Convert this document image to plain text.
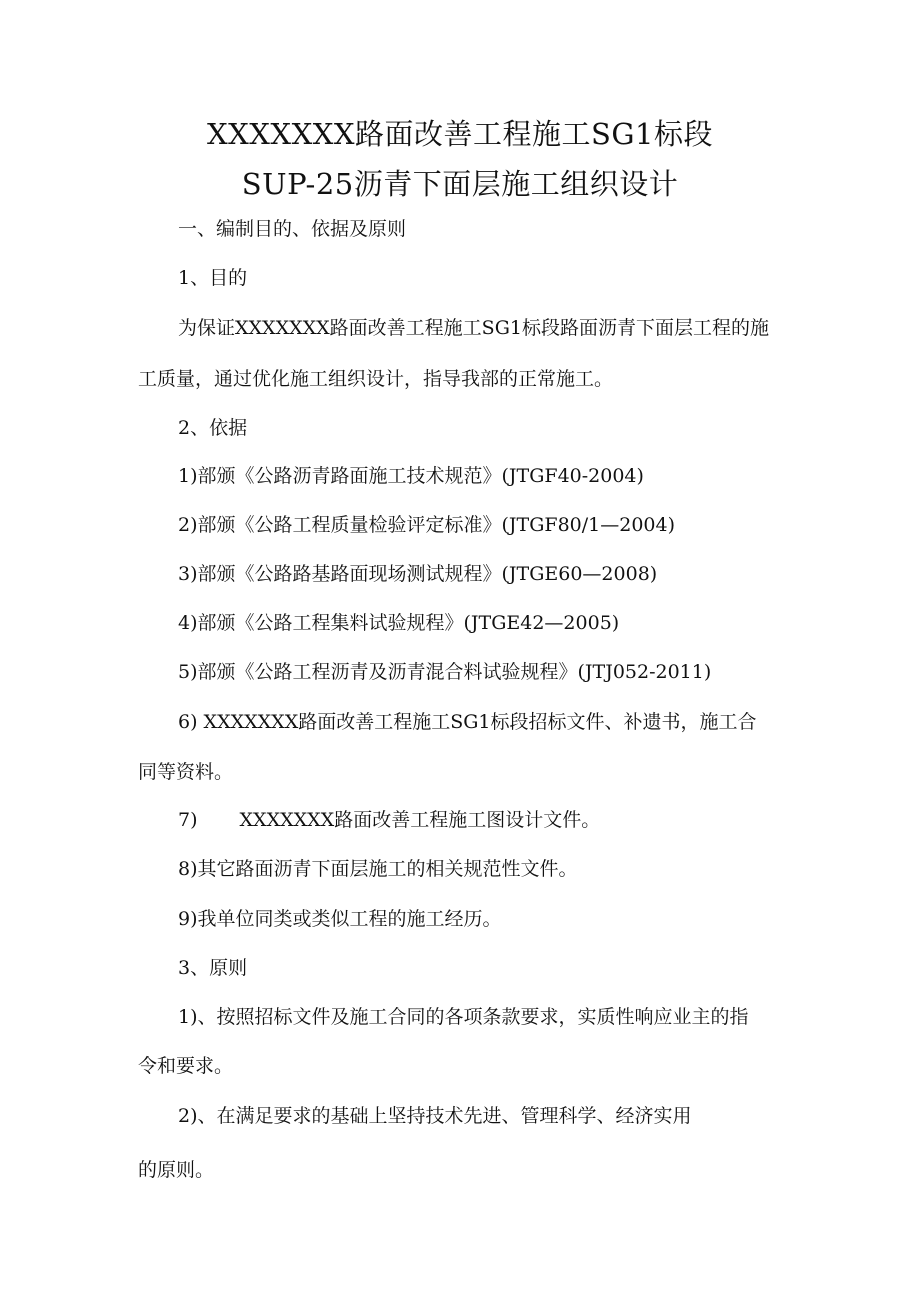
XXXXXXX路面改善工程施工SG1标段
SUP-25沥青下面层施工组织设计
一、编制目的、依据及原则
1、目的
为保证XXXXXXX路面改善工程施工SG1标段路面沥青下面层工程的施
工质量，通过优化施工组织设计，指导我部的正常施工。
2、依据
1)部颁《公路沥青路面施工技术规范》(JTGF40-2004)
2)部颁《公路工程质量检验评定标准》(JTGF80/1—2004)
3)部颁《公路路基路面现场测试规程》(JTGE60—2008)
4)部颁《公路工程集料试验规程》(JTGE42—2005)
5)部颁《公路工程沥青及沥青混合料试验规程》(JTJ052-2011)
6) XXXXXXX路面改善工程施工SG1标段招标文件、补遗书，施工合
同等资料。
7) XXXXXXX路面改善工程施工图设计文件。
8)其它路面沥青下面层施工的相关规范性文件。
9)我单位同类或类似工程的施工经历。
3、原则
1)、按照招标文件及施工合同的各项条款要求，实质性响应业主的指
令和要求。
2)、在满足要求的基础上坚持技术先进、管理科学、经济实用
的原则。
